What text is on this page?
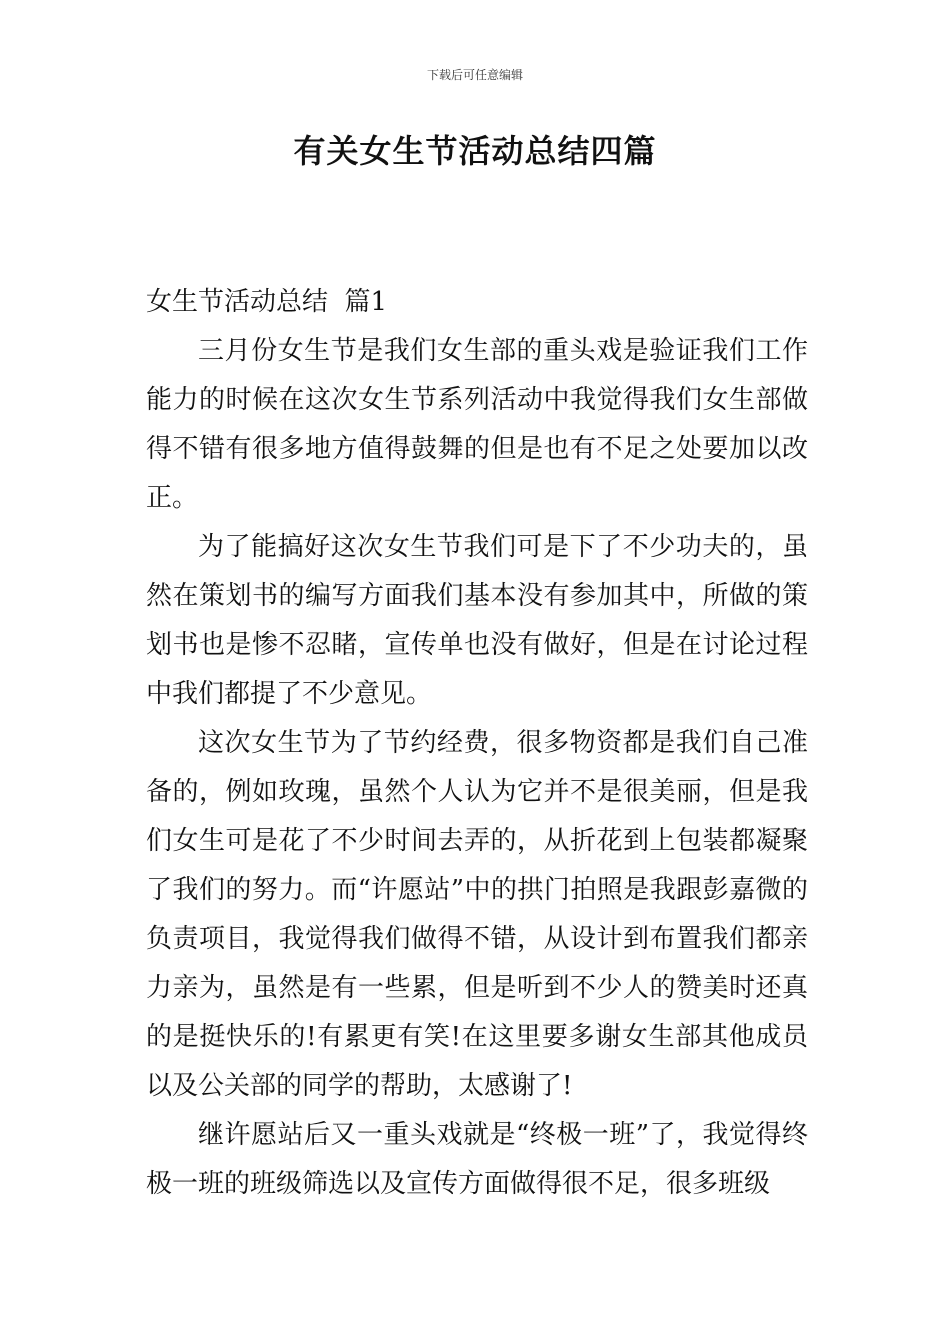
下载后可任意编辑
有关女生节活动总结四篇

女生节活动总结  篇1

三月份女生节是我们女生部的重头戏是验证我们工作能力的时候在这次女生节系列活动中我觉得我们女生部做得不错有很多地方值得鼓舞的但是也有不足之处要加以改正。

为了能搞好这次女生节我们可是下了不少功夫的，虽然在策划书的编写方面我们基本没有参加其中，所做的策划书也是惨不忍睹，宣传单也没有做好，但是在讨论过程中我们都提了不少意见。

这次女生节为了节约经费，很多物资都是我们自己准备的，例如玫瑰，虽然个人认为它并不是很美丽，但是我们女生可是花了不少时间去弄的，从折花到上包装都凝聚了我们的努力。而“许愿站”中的拱门拍照是我跟彭嘉微的负责项目，我觉得我们做得不错，从设计到布置我们都亲力亲为，虽然是有一些累，但是听到不少人的赞美时还真的是挺快乐的!有累更有笑!在这里要多谢女生部其他成员以及公关部的同学的帮助，太感谢了!

继许愿站后又一重头戏就是“终极一班”了，我觉得终极一班的班级筛选以及宣传方面做得很不足，很多班级
